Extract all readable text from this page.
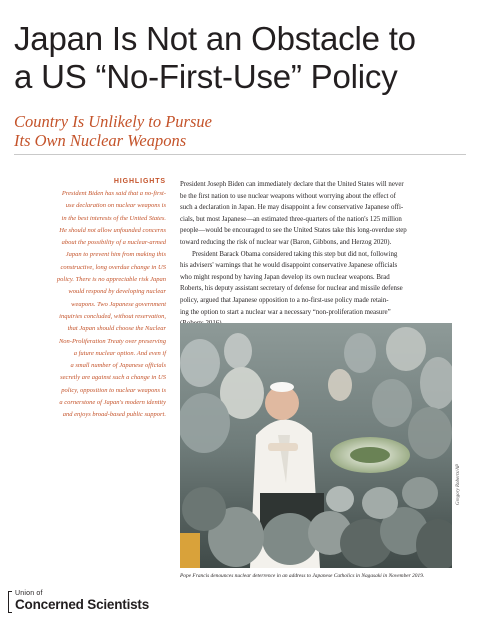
Japan Is Not an Obstacle to
a US “No-First-Use” Policy
Country Is Unlikely to Pursue
Its Own Nuclear Weapons
HIGHLIGHTS
President Biden has said that a no-first-
use declaration on nuclear weapons is
in the best interests of the United States.
He should not allow unfounded concerns
about the possibility of a nuclear-armed
Japan to prevent him from making this
constructive, long overdue change in US
policy. There is no appreciable risk Japan
would respond by developing nuclear
weapons. Two Japanese government
inquiries concluded, without reservation,
that Japan should choose the Nuclear
Non-Proliferation Treaty over preserving
a future nuclear option. And even if
a small number of Japanese officials
secretly are against such a change in US
policy, opposition to nuclear weapons is
a cornerstone of Japan's modern identity
and enjoys broad-based public support.

President Joseph Biden can immediately declare that the United States will never
be the first nation to use nuclear weapons without worrying about the effect of
such a declaration in Japan. He may disappoint a few conservative Japanese offi-
cials, but most Japanese—an estimated three-quarters of the nation's 125 million
people—would be encouraged to see the United States take this long-overdue step
toward reducing the risk of nuclear war (Baron, Gibbons, and Herzog 2020).

President Barack Obama considered taking this step but did not, following
his advisers' warnings that he would disappoint conservative Japanese officials
who might respond by having Japan develop its own nuclear weapons. Brad
Roberts, his deputy assistant secretary of defense for nuclear and missile defense
policy, argued that Japanese opposition to a no-first-use policy made retain-
ing the option to start a nuclear war a necessary “non-proliferation measure”

Gregory Roberts/AP
Pope Francis denounces nuclear deterrence in an address to Japanese Catholics in Nagasaki in November 2019.
Union of
Concerned Scientists
